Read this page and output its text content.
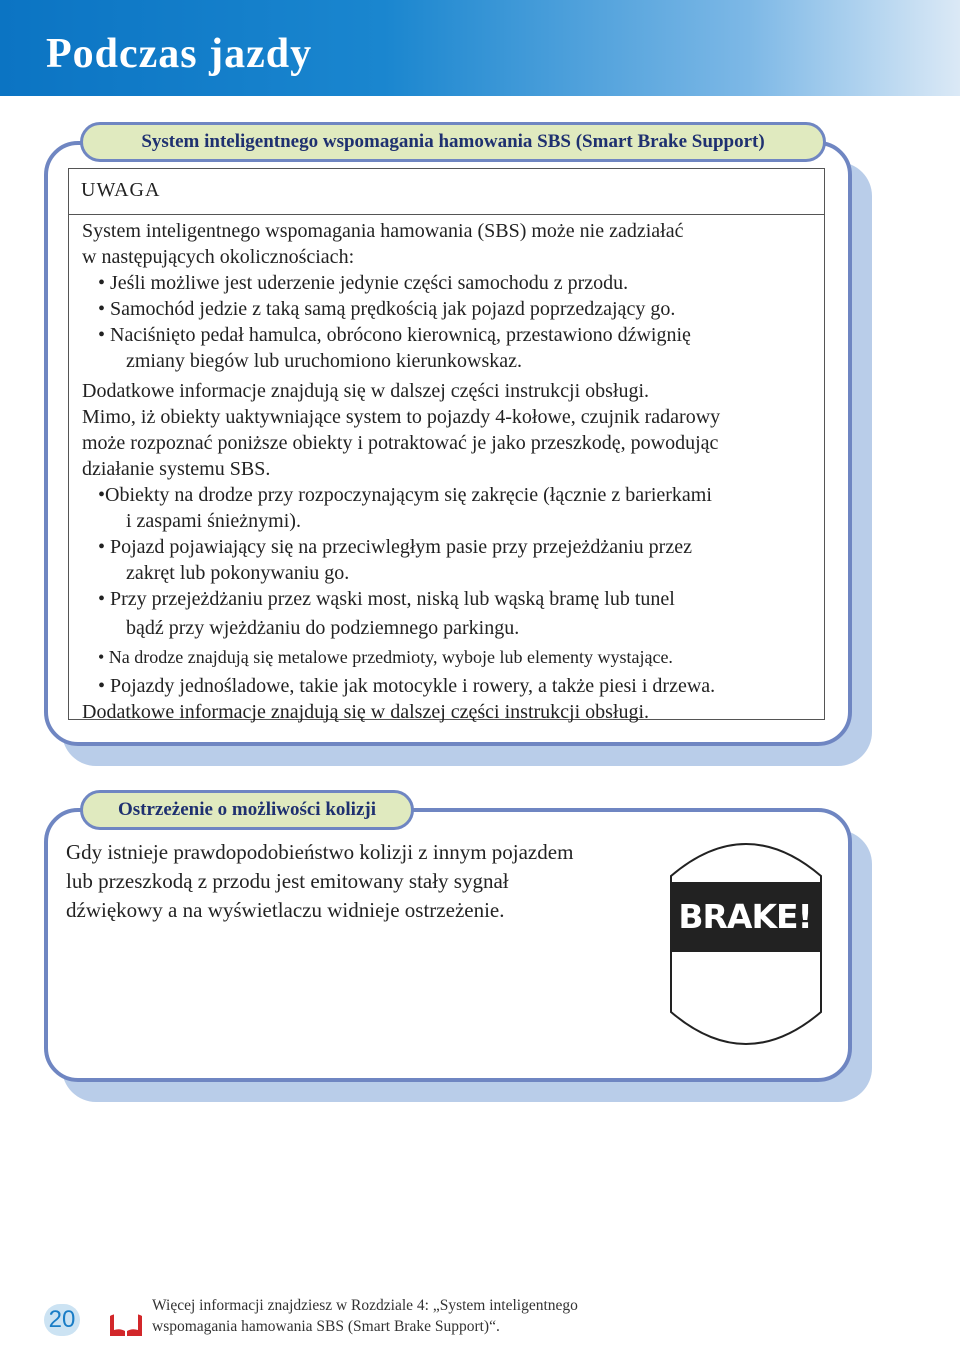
Podczas jazdy
System inteligentnego wspomagania hamowania SBS (Smart Brake Support)
UWAGA

System inteligentnego wspomagania hamowania (SBS) może nie zadziałać

w następujących okolicznościach:

• Jeśli możliwe jest uderzenie jedynie części samochodu z przodu.

• Samochód jedzie z taką samą prędkością jak pojazd poprzedzający go.

• Naciśnięto pedał hamulca, obrócono kierownicą, przestawiono dźwignię

zmiany biegów lub uruchomiono kierunkowskaz.

Dodatkowe informacje znajdują się w dalszej części instrukcji obsługi.

Mimo, iż obiekty uaktywniające system to pojazdy 4-kołowe, czujnik radarowy

może rozpoznać poniższe obiekty i potraktować je jako przeszkodę, powodując

działanie systemu SBS.

•Obiekty na drodze przy rozpoczynającym się zakręcie (łącznie z barierkami

i zaspami śnieżnymi).

• Pojazd pojawiający się na przeciwległym pasie przy przejeżdżaniu przez

zakręt lub pokonywaniu go.

• Przy przejeżdżaniu przez wąski most, niską lub wąską bramę lub tunel

bądź przy wjeżdżaniu do podziemnego parkingu.

• Na drodze znajdują się metalowe przedmioty, wyboje lub elementy wystające.

• Pojazdy jednośladowe, takie jak motocykle i rowery, a także piesi i drzewa.

Dodatkowe informacje znajdują się w dalszej części instrukcji obsługi.

Ostrzeżenie o możliwości kolizji
Gdy istnieje prawdopodobieństwo kolizji z innym pojazdem
lub przeszkodą z przodu jest emitowany stały sygnał
dźwiękowy a na wyświetlaczu widnieje ostrzeżenie.	BRAKE!
20
Więcej informacji znajdziesz w Rozdziale 4: „System inteligentnego
wspomagania hamowania SBS (Smart Brake Support)“.
